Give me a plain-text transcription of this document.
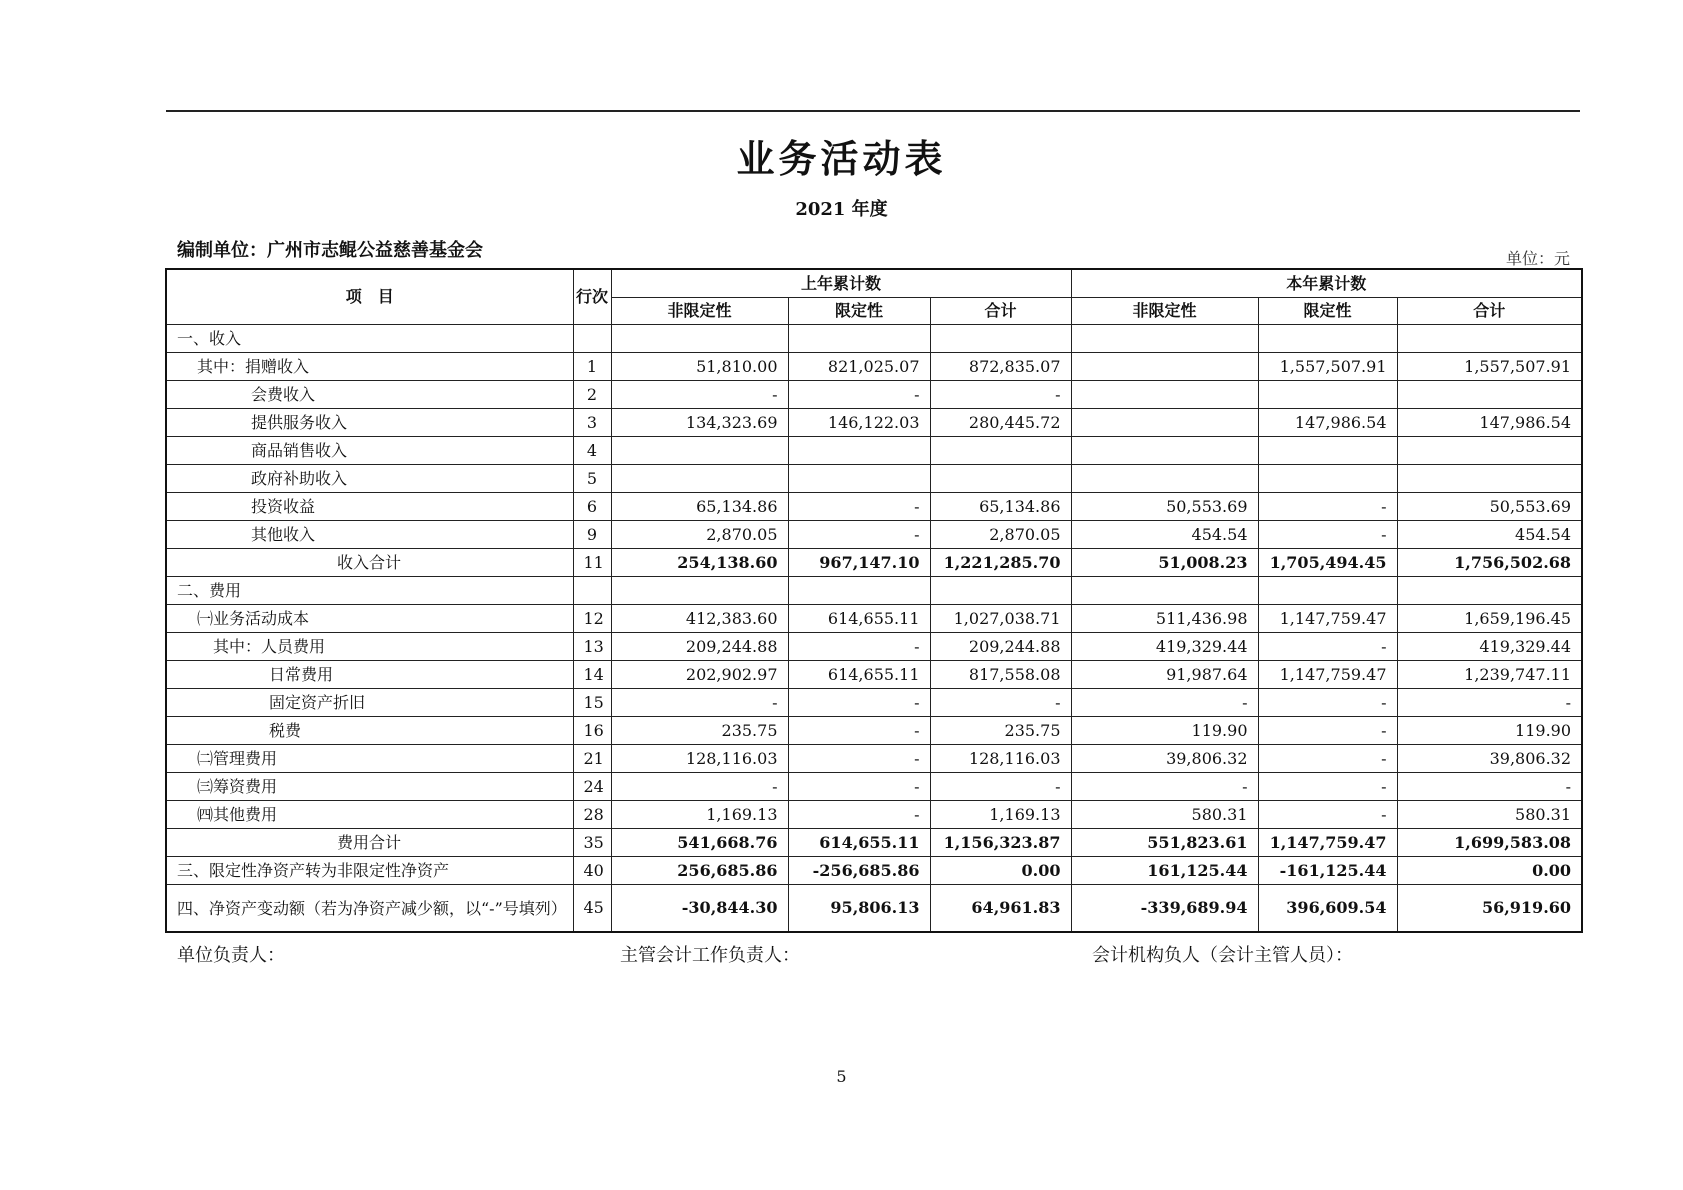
业务活动表
2021 年度
编制单位：广州市志鲲公益慈善基金会	单位：元
项　目	行次	上年累计数			本年累计数		
		非限定性	限定性	合计	非限定性	限定性	合计
一、收入							
其中：捐赠收入	1	51,810.00	821,025.07	872,835.07		1,557,507.91	1,557,507.91
会费收入	2	-	-	-			
提供服务收入	3	134,323.69	146,122.03	280,445.72		147,986.54	147,986.54
商品销售收入	4						
政府补助收入	5						
投资收益	6	65,134.86	-	65,134.86	50,553.69	-	50,553.69
其他收入	9	2,870.05	-	2,870.05	454.54	-	454.54
收入合计	11	254,138.60	967,147.10	1,221,285.70	51,008.23	1,705,494.45	1,756,502.68
二、费用							
㈠业务活动成本	12	412,383.60	614,655.11	1,027,038.71	511,436.98	1,147,759.47	1,659,196.45
其中：人员费用	13	209,244.88	-	209,244.88	419,329.44	-	419,329.44
日常费用	14	202,902.97	614,655.11	817,558.08	91,987.64	1,147,759.47	1,239,747.11
固定资产折旧	15	-	-	-	-	-	-
税费	16	235.75	-	235.75	119.90	-	119.90
㈡管理费用	21	128,116.03	-	128,116.03	39,806.32	-	39,806.32
㈢筹资费用	24	-	-	-	-	-	-
㈣其他费用	28	1,169.13	-	1,169.13	580.31	-	580.31
费用合计	35	541,668.76	614,655.11	1,156,323.87	551,823.61	1,147,759.47	1,699,583.08
三、限定性净资产转为非限定性净资产	40	256,685.86	-256,685.86	0.00	161,125.44	-161,125.44	0.00
四、净资产变动额（若为净资产减少额，以“-”号填列）	45	-30,844.30	95,806.13	64,961.83	-339,689.94	396,609.54	56,919.60
单位负责人：	主管会计工作负责人：	会计机构负人（会计主管人员）：
5
